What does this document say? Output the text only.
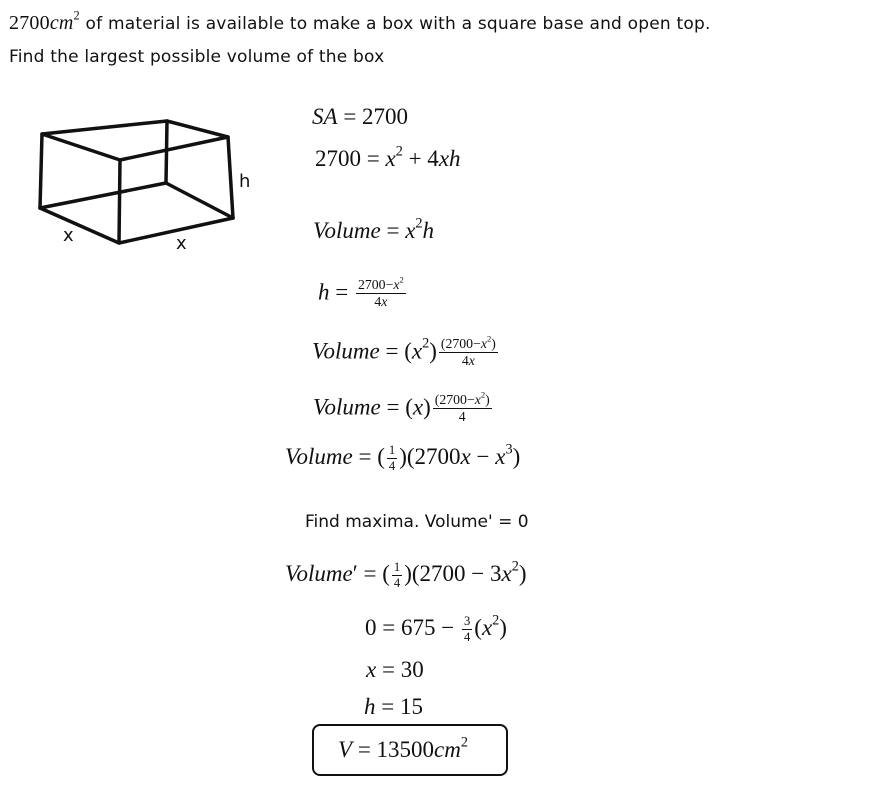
$2700cm^2$ of material is available to make a box with a square base and open top.
Find the largest possible volume of the box
h
x	x
SA = 2700
$2700 = x^2 + 4xh$
Volume = $x^2h$
$h = \frac{2700-x^2}{4x}$
Volume = $(x^2) \frac{(2700-x^2)}{4x}$
Volume = $(x) \frac{(2700-x^2)}{4}$
Volume = ( $\frac{1}{4} )(2700x - x^3)$
Find maxima. Volume' = 0
Volume′ = ( $\frac{1}{4} )(2700 - 3x^2)$
$0 = 675 - \frac{3}{4} (x^2)$
x = 30
h = 15
$V = 13500cm^2$
